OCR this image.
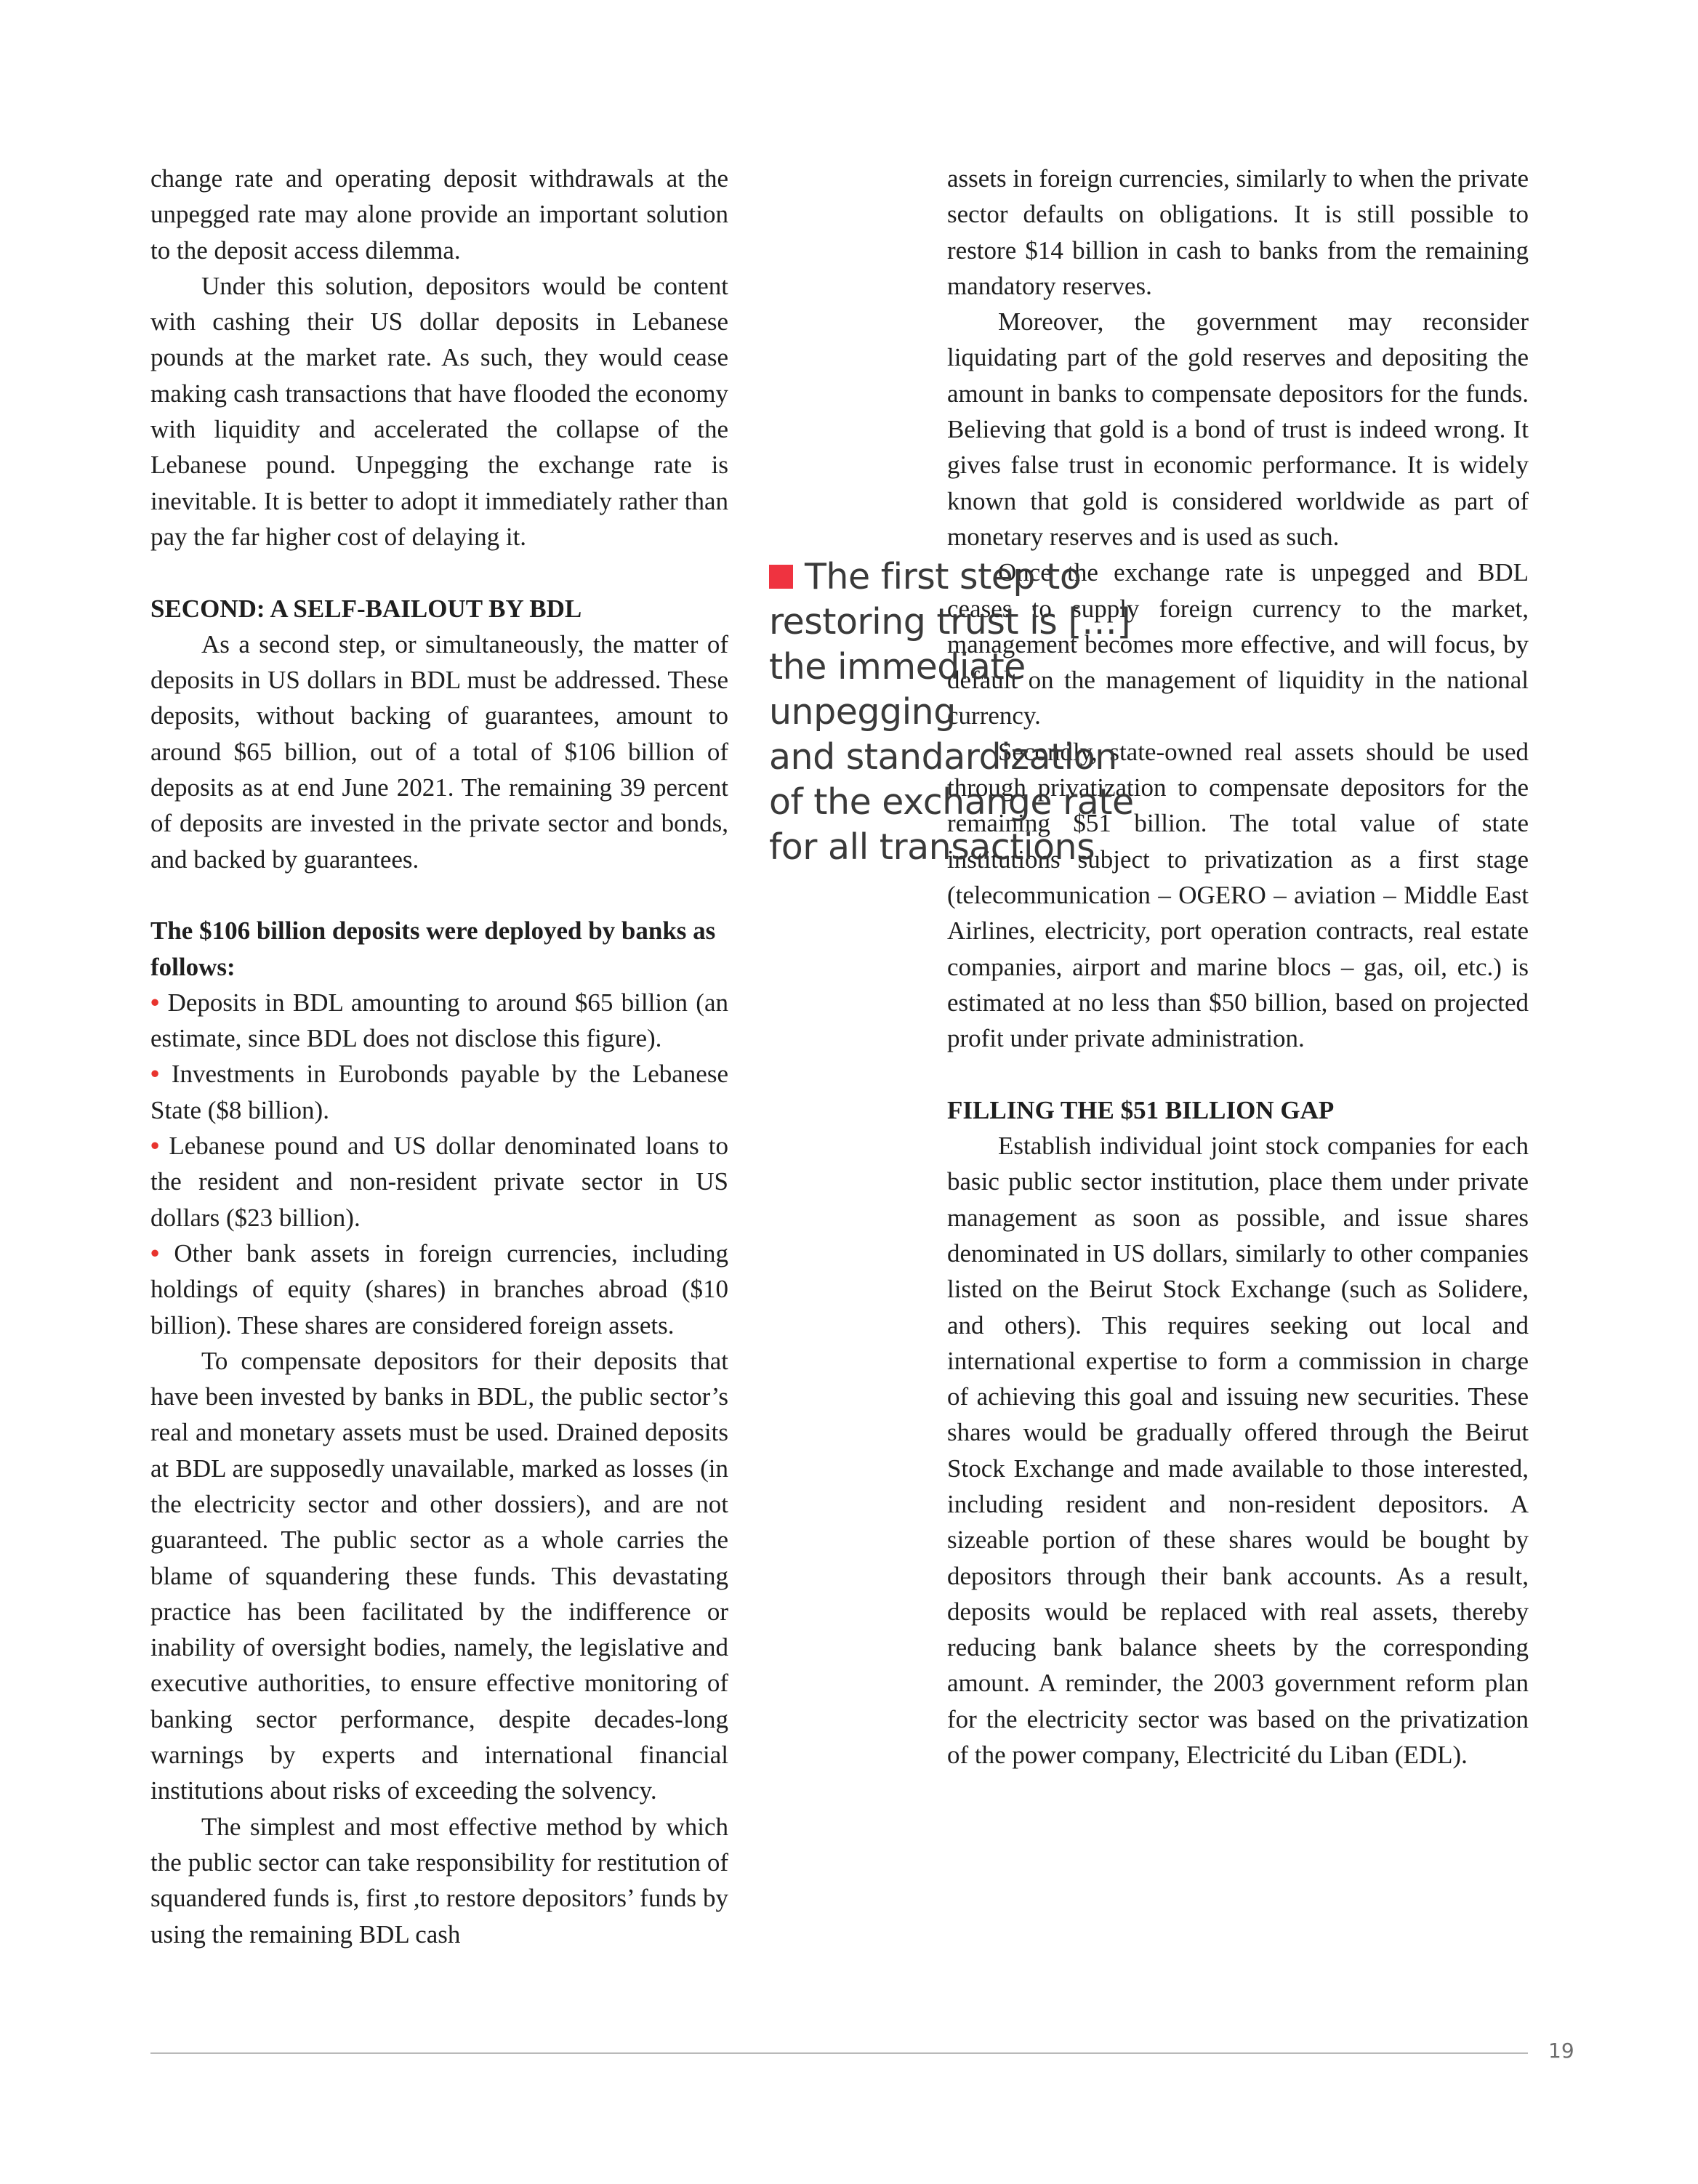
change rate and operating deposit withdrawals at the unpegged rate may alone provide an important solution to the deposit access dilemma.

Under this solution, depositors would be content with cashing their US dollar deposits in Lebanese pounds at the market rate. As such, they would cease making cash transactions that have flooded the economy with liquidity and accelerated the collapse of the Lebanese pound. Unpegging the exchange rate is inevitable. It is better to adopt it immediately rather than pay the far higher cost of delaying it.

SECOND: A SELF-BAILOUT BY BDL

As a second step, or simultaneously, the matter of deposits in US dollars in BDL must be addressed. These deposits, without backing of guarantees, amount to around $65 billion, out of a total of $106 billion of deposits as at end June 2021. The remaining 39 percent of deposits are invested in the private sector and bonds, and backed by guarantees.

The $106 billion deposits were deployed by banks as follows:

• Deposits in BDL amounting to around $65 billion (an estimate, since BDL does not disclose this figure).

• Investments in Eurobonds payable by the Lebanese State ($8 billion).

• Lebanese pound and US dollar denominated loans to the resident and non-resident private sector in US dollars ($23 billion).

• Other bank assets in foreign currencies, including holdings of equity (shares) in branches abroad ($10 billion). These shares are considered foreign assets.

To compensate depositors for their deposits that have been invested by banks in BDL, the public sector’s real and monetary assets must be used. Drained deposits at BDL are supposedly unavailable, marked as losses (in the electricity sector and other dossiers), and are not guaranteed. The public sector as a whole carries the blame of squandering these funds. This devastating practice has been facilitated by the indifference or inability of oversight bodies, namely, the legislative and executive authorities, to ensure effective monitoring of banking sector performance, despite decades-long warnings by experts and international financial institutions about risks of exceeding the solvency.

The simplest and most effective method by which the public sector can take responsibility for restitution of squandered funds is, first ,to restore depositors’ funds by using the remaining BDL cash

assets in foreign currencies, similarly to when the private sector defaults on obligations. It is still possible to restore $14 billion in cash to banks from the remaining mandatory reserves.

Moreover, the government may reconsider liquidating part of the gold reserves and depositing the amount in banks to compensate depositors for the funds. Believing that gold is a bond of trust is indeed wrong. It gives false trust in economic performance. It is widely known that gold is considered worldwide as part of monetary reserves and is used as such.

Once the exchange rate is unpegged and BDL ceases to supply foreign currency to the market, management becomes more effective, and will focus, by default on the management of liquidity in the national currency.

Secondly, state-owned real assets should be used through privatization to compensate depositors for the remaining $51 billion. The total value of state institutions subject to privatization as a first stage (telecommunication – OGERO – aviation – Middle East Airlines, electricity, port operation contracts, real estate companies, airport and marine blocs – gas, oil, etc.) is estimated at no less than $50 billion, based on projected profit under private administration.

FILLING THE $51 BILLION GAP

Establish individual joint stock companies for each basic public sector institution, place them under private management as soon as possible, and issue shares denominated in US dollars, similarly to other companies listed on the Beirut Stock Exchange (such as Solidere, and others). This requires seeking out local and international expertise to form a commission in charge of achieving this goal and issuing new securities. These shares would be gradually offered through the Beirut Stock Exchange and made available to those interested, including resident and non-resident depositors. A sizeable portion of these shares would be bought by depositors through their bank accounts. As a result, deposits would be replaced with real assets, thereby reducing bank balance sheets by the corresponding amount. A reminder, the 2003 government reform plan for the electricity sector was based on the privatization of the power company, Electricité du Liban (EDL).

The first step to
restoring trust is […]
the immediate unpegging
and standardization
of the exchange rate
for all transactions
19
